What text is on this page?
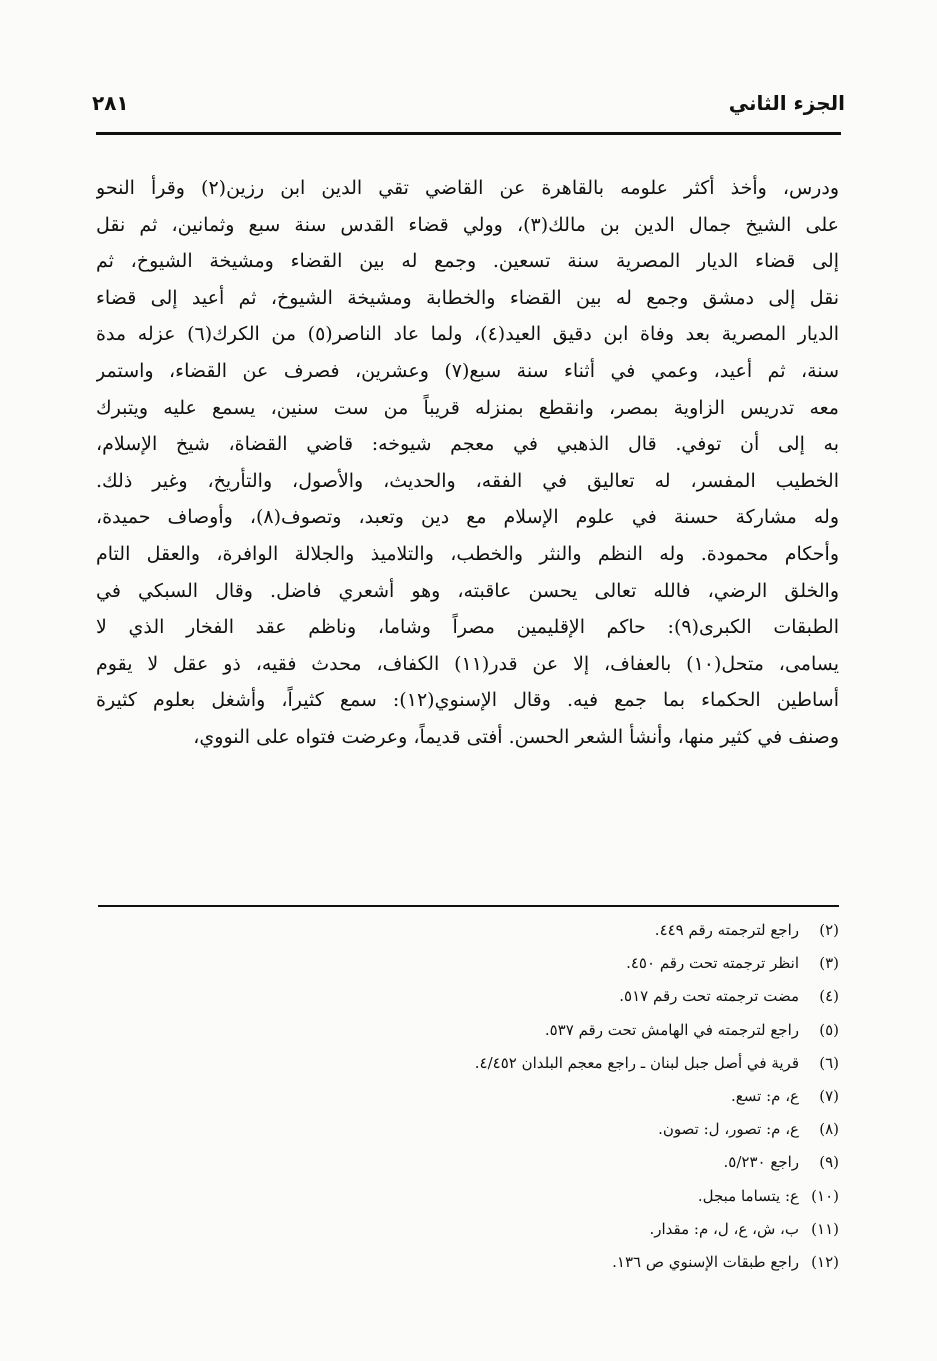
الجزء الثاني
٢٨١
ودرس، وأخذ أكثر علومه بالقاهرة عن القاضي تقي الدين ابن رزين(٢) وقرأ النحو
على الشيخ جمال الدين بن مالك(٣)، وولي قضاء القدس سنة سبع وثمانين، ثم نقل
إلى قضاء الديار المصرية سنة تسعين. وجمع له بين القضاء ومشيخة الشيوخ، ثم
نقل إلى دمشق وجمع له بين القضاء والخطابة ومشيخة الشيوخ، ثم أعيد إلى قضاء
الديار المصرية بعد وفاة ابن دقيق العيد(٤)، ولما عاد الناصر(٥) من الكرك(٦) عزله مدة
سنة، ثم أعيد، وعمي في أثناء سنة سبع(٧) وعشرين، فصرف عن القضاء، واستمر
معه تدريس الزاوية بمصر، وانقطع بمنزله قريباً من ست سنين، يسمع عليه ويتبرك
به إلى أن توفي. قال الذهبي في معجم شيوخه: قاضي القضاة، شيخ الإسلام،
الخطيب المفسر، له تعاليق في الفقه، والحديث، والأصول، والتأريخ، وغير ذلك.
وله مشاركة حسنة في علوم الإسلام مع دين وتعبد، وتصوف(٨)، وأوصاف حميدة،
وأحكام محمودة. وله النظم والنثر والخطب، والتلاميذ والجلالة الوافرة، والعقل التام
والخلق الرضي، فالله تعالى يحسن عاقبته، وهو أشعري فاضل. وقال السبكي في
الطبقات الكبرى(٩): حاكم الإقليمين مصراً وشاما، وناظم عقد الفخار الذي لا
يسامى، متحل(١٠) بالعفاف، إلا عن قدر(١١) الكفاف، محدث فقيه، ذو عقل لا يقوم
أساطين الحكماء بما جمع فيه. وقال الإسنوي(١٢): سمع كثيراً، وأشغل بعلوم كثيرة
وصنف في كثير منها، وأنشأ الشعر الحسن. أفتى قديماً، وعرضت فتواه على النووي،
(٢)
راجع لترجمته رقم ٤٤٩.
(٣)
انظر ترجمته تحت رقم ٤٥٠.
(٤)
مضت ترجمته تحت رقم ٥١٧.
(٥)
راجع لترجمته في الهامش تحت رقم ٥٣٧.
(٦)
قرية في أصل جبل لبنان ـ راجع معجم البلدان ٤/٤٥٢.
(٧)
ع، م: تسع.
(٨)
ع، م: تصور، ل: تصون.
(٩)
راجع ٥/٢٣٠.
(١٠)
ع: يتساما مبجل.
(١١)
ب، ش، ع، ل، م: مقدار.
(١٢)
راجع طبقات الإسنوي ص ١٣٦.
